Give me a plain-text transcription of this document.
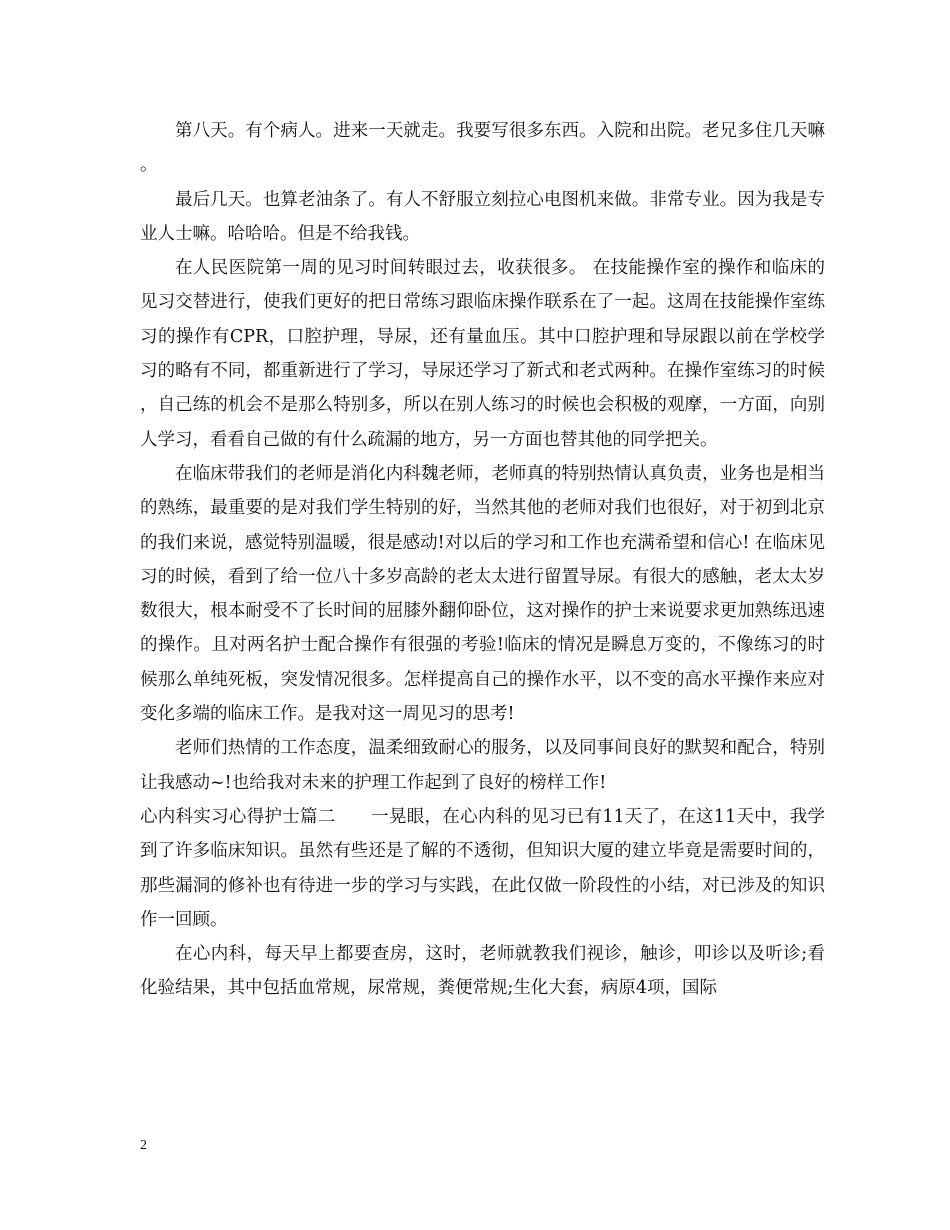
第八天。有个病人。进来一天就走。我要写很多东西。入院和出院。老兄多住几天嘛。

最后几天。也算老油条了。有人不舒服立刻拉心电图机来做。非常专业。因为我是专业人士嘛。哈哈哈。但是不给我钱。

在人民医院第一周的见习时间转眼过去，收获很多。 在技能操作室的操作和临床的见习交替进行，使我们更好的把日常练习跟临床操作联系在了一起。这周在技能操作室练习的操作有CPR，口腔护理，导尿，还有量血压。其中口腔护理和导尿跟以前在学校学习的略有不同，都重新进行了学习，导尿还学习了新式和老式两种。在操作室练习的时候，自己练的机会不是那么特别多，所以在别人练习的时候也会积极的观摩，一方面，向别人学习，看看自己做的有什么疏漏的地方，另一方面也替其他的同学把关。

在临床带我们的老师是消化内科魏老师，老师真的特别热情认真负责，业务也是相当的熟练，最重要的是对我们学生特别的好，当然其他的老师对我们也很好，对于初到北京的我们来说，感觉特别温暖，很是感动!对以后的学习和工作也充满希望和信心! 在临床见习的时候，看到了给一位八十多岁高龄的老太太进行留置导尿。有很大的感触，老太太岁数很大，根本耐受不了长时间的屈膝外翻仰卧位，这对操作的护士来说要求更加熟练迅速的操作。且对两名护士配合操作有很强的考验!临床的情况是瞬息万变的，不像练习的时候那么单纯死板，突发情况很多。怎样提高自己的操作水平，以不变的高水平操作来应对变化多端的临床工作。是我对这一周见习的思考!

老师们热情的工作态度，温柔细致耐心的服务，以及同事间良好的默契和配合，特别让我感动~!也给我对未来的护理工作起到了良好的榜样工作!

心内科实习心得护士篇二　　一晃眼，在心内科的见习已有11天了，在这11天中，我学到了许多临床知识。虽然有些还是了解的不透彻，但知识大厦的建立毕竟是需要时间的，那些漏洞的修补也有待进一步的学习与实践，在此仅做一阶段性的小结，对已涉及的知识作一回顾。

在心内科，每天早上都要查房，这时，老师就教我们视诊，触诊，叩诊以及听诊;看化验结果，其中包括血常规，尿常规，粪便常规;生化大套，病原4项，国际

2
